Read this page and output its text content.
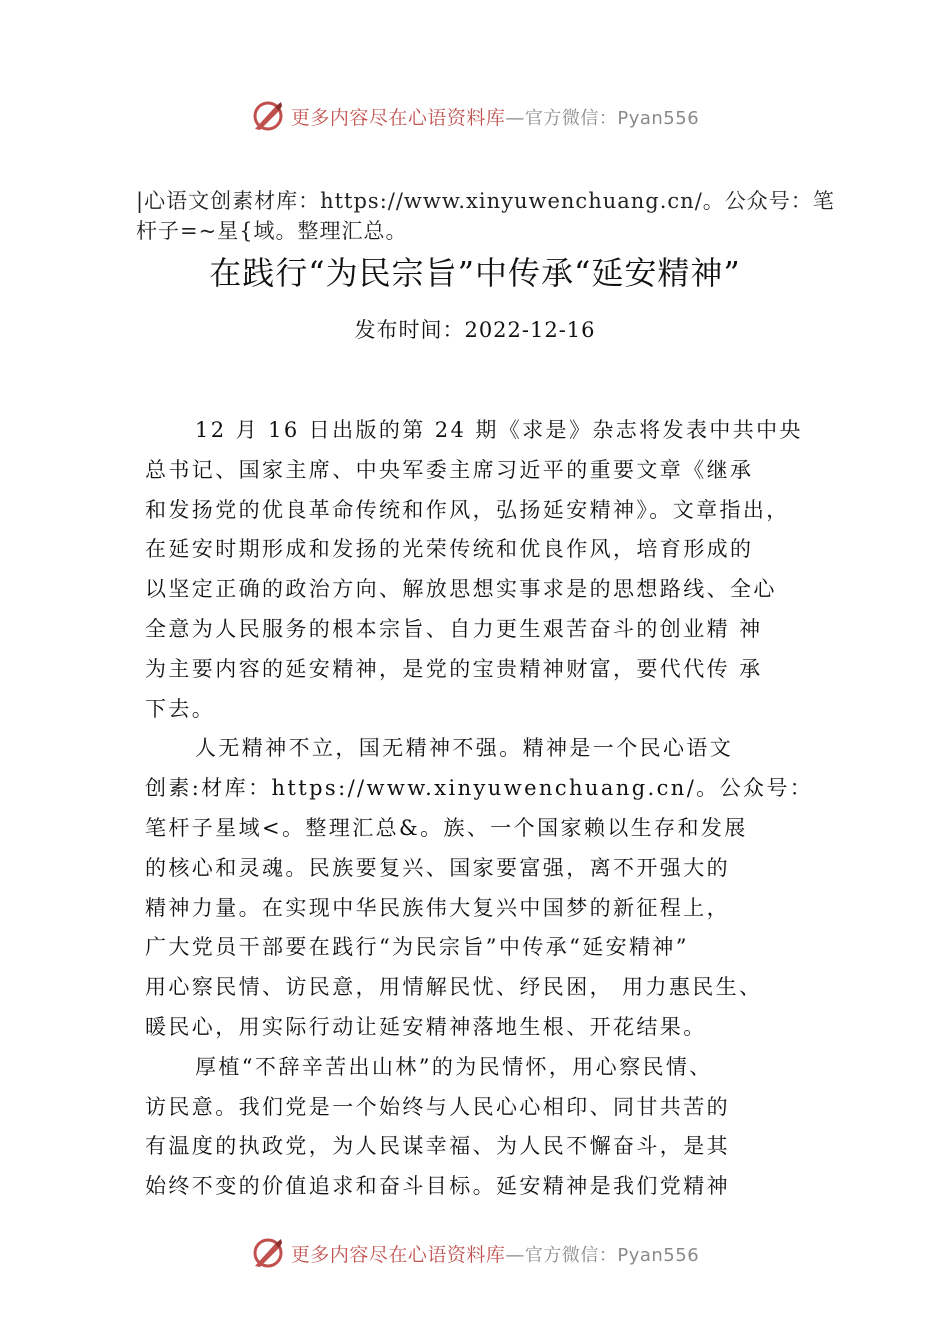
更多内容尽在心语资料库—官方微信：Pyan556
|心语文创素材库：https://www.xinyuwenchuang.cn/。公众号：笔杆子=~星{域。整理汇总。
在践行“为民宗旨”中传承“延安精神”
发布时间：2022-12-16
12 月 16 日出版的第 24 期《求是》杂志将发表中共中央
总书记、国家主席、中央军委主席习近平的重要文章《继承
和发扬党的优良革命传统和作风，弘扬延安精神》。文章指出，
在延安时期形成和发扬的光荣传统和优良作风，培育形成的
以坚定正确的政治方向、解放思想实事求是的思想路线、全心
全意为人民服务的根本宗旨、自力更生艰苦奋斗的创业精 神
为主要内容的延安精神，是党的宝贵精神财富，要代代传 承
下去。
人无精神不立，国无精神不强。精神是一个民心语文
创素:材库：https://www.xinyuwenchuang.cn/。公众号：
笔杆子星域<。整理汇总&。族、一个国家赖以生存和发展
的核心和灵魂。民族要复兴、国家要富强，离不开强大的
精神力量。在实现中华民族伟大复兴中国梦的新征程上，
广大党员干部要在践行“为民宗旨”中传承“延安精神”
用心察民情、访民意，用情解民忧、纾民困， 用力惠民生、
暖民心，用实际行动让延安精神落地生根、开花结果。
厚植“不辞辛苦出山林”的为民情怀，用心察民情、
访民意。我们党是一个始终与人民心心相印、同甘共苦的
有温度的执政党，为人民谋幸福、为人民不懈奋斗，是其
始终不变的价值追求和奋斗目标。延安精神是我们党精神
更多内容尽在心语资料库—官方微信：Pyan556
